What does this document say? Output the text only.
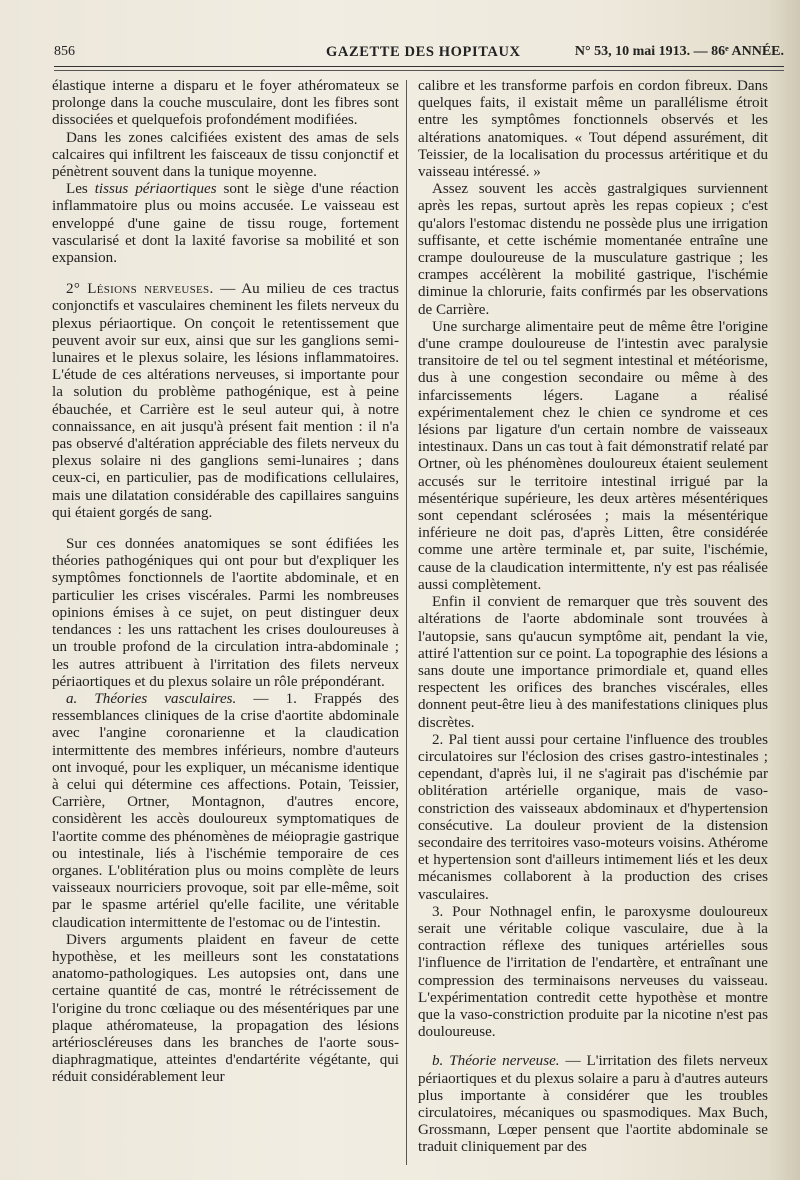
856	GAZETTE DES HOPITAUX	N° 53, 10 mai 1913. — 86ᵉ ANNÉE.

élastique interne a disparu et le foyer athéromateux se prolonge dans la couche musculaire, dont les fibres sont dissociées et quelquefois profondément modifiées.

Dans les zones calcifiées existent des amas de sels calcaires qui infiltrent les faisceaux de tissu conjonctif et pénètrent souvent dans la tunique moyenne.

Les tissus périaortiques sont le siège d'une réaction inflammatoire plus ou moins accusée. Le vaisseau est enveloppé d'une gaine de tissu rouge, fortement vascularisé et dont la laxité favorise sa mobilité et son expansion.

2° Lésions nerveuses. — Au milieu de ces tractus conjonctifs et vasculaires cheminent les filets nerveux du plexus périaortique. On conçoit le retentissement que peuvent avoir sur eux, ainsi que sur les ganglions semi-lunaires et le plexus solaire, les lésions inflammatoires. L'étude de ces altérations nerveuses, si importante pour la solution du problème pathogénique, est à peine ébauchée, et Carrière est le seul auteur qui, à notre connaissance, en ait jusqu'à présent fait mention : il n'a pas observé d'altération appréciable des filets nerveux du plexus solaire ni des ganglions semi-lunaires ; dans ceux-ci, en particulier, pas de modifications cellulaires, mais une dilatation considérable des capillaires sanguins qui étaient gorgés de sang.

Sur ces données anatomiques se sont édifiées les théories pathogéniques qui ont pour but d'expliquer les symptômes fonctionnels de l'aortite abdominale, et en particulier les crises viscérales. Parmi les nombreuses opinions émises à ce sujet, on peut distinguer deux tendances : les uns rattachent les crises douloureuses à un trouble profond de la circulation intra-abdominale ; les autres attribuent à l'irritation des filets nerveux périaortiques et du plexus solaire un rôle prépondérant.

a. Théories vasculaires. — 1. Frappés des ressemblances cliniques de la crise d'aortite abdominale avec l'angine coronarienne et la claudication intermittente des membres inférieurs, nombre d'auteurs ont invoqué, pour les expliquer, un mécanisme identique à celui qui détermine ces affections. Potain, Teissier, Carrière, Ortner, Montagnon, d'autres encore, considèrent les accès douloureux symptomatiques de l'aortite comme des phénomènes de méiopragie gastrique ou intestinale, liés à l'ischémie temporaire de ces organes. L'oblitération plus ou moins complète de leurs vaisseaux nourriciers provoque, soit par elle-même, soit par le spasme artériel qu'elle facilite, une véritable claudication intermittente de l'estomac ou de l'intestin.

Divers arguments plaident en faveur de cette hypothèse, et les meilleurs sont les constatations anatomo-pathologiques. Les autopsies ont, dans une certaine quantité de cas, montré le rétrécissement de l'origine du tronc cœliaque ou des mésentériques par une plaque athéromateuse, la propagation des lésions artérioscléreuses dans les branches de l'aorte sous-diaphragmatique, atteintes d'endartérite végétante, qui réduit considérablement leur

calibre et les transforme parfois en cordon fibreux. Dans quelques faits, il existait même un parallélisme étroit entre les symptômes fonctionnels observés et les altérations anatomiques. « Tout dépend assurément, dit Teissier, de la localisation du processus artéritique et du vaisseau intéressé. »

Assez souvent les accès gastralgiques surviennent après les repas, surtout après les repas copieux ; c'est qu'alors l'estomac distendu ne possède plus une irrigation suffisante, et cette ischémie momentanée entraîne une crampe douloureuse de la musculature gastrique ; les crampes accélèrent la mobilité gastrique, l'ischémie diminue la chlorurie, faits confirmés par les observations de Carrière.

Une surcharge alimentaire peut de même être l'origine d'une crampe douloureuse de l'intestin avec paralysie transitoire de tel ou tel segment intestinal et météorisme, dus à une congestion secondaire ou même à des infarcissements légers. Lagane a réalisé expérimentalement chez le chien ce syndrome et ces lésions par ligature d'un certain nombre de vaisseaux intestinaux. Dans un cas tout à fait démonstratif relaté par Ortner, où les phénomènes douloureux étaient seulement accusés sur le territoire intestinal irrigué par la mésentérique supérieure, les deux artères mésentériques sont cependant sclérosées ; mais la mésentérique inférieure ne doit pas, d'après Litten, être considérée comme une artère terminale et, par suite, l'ischémie, cause de la claudication intermittente, n'y est pas réalisée aussi complètement.

Enfin il convient de remarquer que très souvent des altérations de l'aorte abdominale sont trouvées à l'autopsie, sans qu'aucun symptôme ait, pendant la vie, attiré l'attention sur ce point. La topographie des lésions a sans doute une importance primordiale et, quand elles respectent les orifices des branches viscérales, elles donnent peut-être lieu à des manifestations cliniques plus discrètes.

2. Pal tient aussi pour certaine l'influence des troubles circulatoires sur l'éclosion des crises gastro-intestinales ; cependant, d'après lui, il ne s'agirait pas d'ischémie par oblitération artérielle organique, mais de vaso-constriction des vaisseaux abdominaux et d'hypertension consécutive. La douleur provient de la distension secondaire des territoires vaso-moteurs voisins. Athérome et hypertension sont d'ailleurs intimement liés et les deux mécanismes collaborent à la production des crises vasculaires.

3. Pour Nothnagel enfin, le paroxysme douloureux serait une véritable colique vasculaire, due à la contraction réflexe des tuniques artérielles sous l'influence de l'irritation de l'endartère, et entraînant une compression des terminaisons nerveuses du vaisseau. L'expérimentation contredit cette hypothèse et montre que la vaso-constriction produite par la nicotine n'est pas douloureuse.

b. Théorie nerveuse. — L'irritation des filets nerveux périaortiques et du plexus solaire a paru à d'autres auteurs plus importante à considérer que les troubles circulatoires, mécaniques ou spasmodiques. Max Buch, Grossmann, Lœper pensent que l'aortite abdominale se traduit cliniquement par des
